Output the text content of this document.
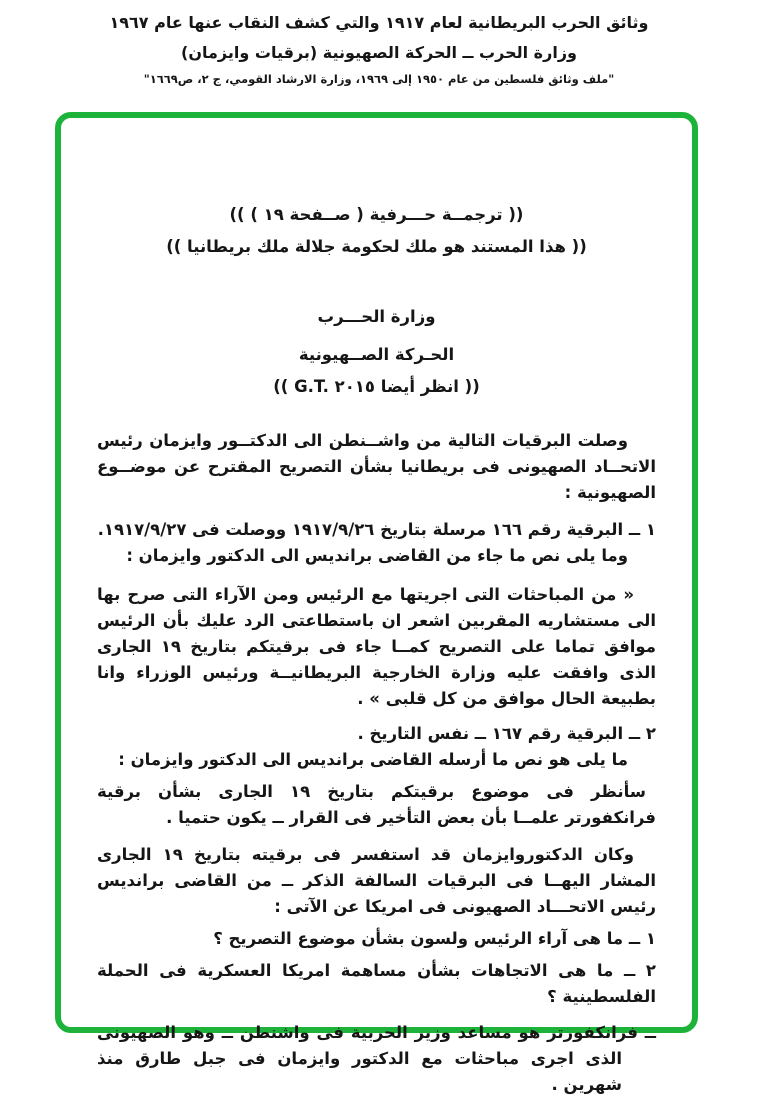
وثائق الحرب البريطانية لعام ١٩١٧ والتي كشف النقاب عنها عام ١٩٦٧
وزارة الحرب ــ الحركة الصهيونية (برقيات وايزمان)
"ملف وثائق فلسطين من عام ١٩٥٠ إلى ١٩٦٩، وزارة الارشاد القومي، ج ٢، ص١٦٦٩"

(( ترجمــة حـــرفية ( صــفحة ١٩ ) ))

(( هذا المستند هو ملك لحكومة جلالة ملك بريطانيا ))

وزارة الحـــرب

الحـركة الصــهيونية

(( انظر أيضا ٢٠١٥ ‎G.T.‎ ))

وصلت البرقيات التالية من واشــنطن الى الدكتــور وايزمان رئيس الاتحــاد الصهيونى فى بريطانيا بشأن التصريح المقترح عن موضــوع الصهيونية :

١ ــ البرقية رقم ١٦٦ مرسلة بتاريخ ١٩١٧/٩/٢٦ ووصلت فى ١٩١٧/٩/٢٧.

وما يلى نص ما جاء من القاضى برانديس الى الدكتور وايزمان :

« من المباحثات التى اجريتها مع الرئيس ومن الآراء التى صرح بها الى مستشاريه المقربين اشعر ان باستطاعتى الرد عليك بأن الرئيس موافق تماما على التصريح كمــا جاء فى برقيتكم بتاريخ ١٩ الجارى الذى وافقت عليه وزارة الخارجية البريطانيــة ورئيس الوزراء وانا بطبيعة الحال موافق من كل قلبى » .

٢ ــ البرقية رقم ١٦٧ ــ نفس التاريخ .

ما يلى هو نص ما أرسله القاضى برانديس الى الدكتور وايزمان :

سأنظر فى موضوع برقيتكم بتاريخ ١٩ الجارى بشأن برقية فرانكفورتر علمــا بأن بعض التأخير فى القرار ــ يكون حتميا .

وكان الدكتوروايزمان قد استفسر فى برقيته بتاريخ ١٩ الجارى المشار اليهــا فى البرقيات السالفة الذكر ــ من القاضى برانديس رئيس الاتحـــاد الصهيونى فى امريكا عن الآتى :

١ ــ ما هى آراء الرئيس ولسون بشأن موضوع التصريح ؟

٢ ــ ما هى الاتجاهات بشأن مساهمة امريكا العسكرية فى الحملة الفلسطينية ؟

ــ فرانكفورتر هو مساعد وزير الحربية فى واشنطن ــ وهو الصهيونى الذى اجرى مباحثات مع الدكتور وايزمان فى جبل طارق منذ شهرين .
